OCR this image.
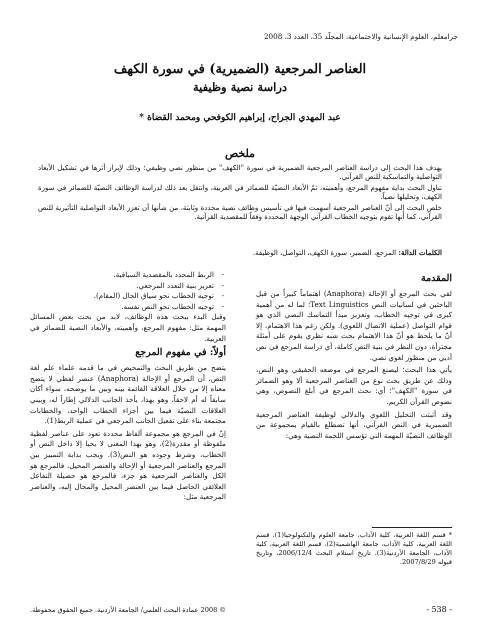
جرامعلم، العلوم الإنسانية والاجتماعية، المجلّد 35، العدد 3، 2008
العناصر المرجعية (الضميرية) في سورة الكهف
دراسة نصية وظيفية
عبد المهدي الجراح، إبراهيم الكوفحي ومحمد القضاة *
ملخص

يهدف هذا البحث إلى دراسة العناصر المرجعية الضميرية في سورة "الكهف" من منظور نصي وظيفي؛ وذلك لإبراز أثرها في تشكيل الأبعاد التواصلية والتماسكية للنص القرآني.

تناول البحث بداية مفهوم المرجع، وأهميته، ثمّ الأبعاد النصيّة للضمائر في العربية، وانتقل بعد ذلك لدراسة الوظائف النصيّة للضمائر في سورة الكهف، وتحليلها نصياً.

خلص البحث إلى أنّ العناصر المرجعية أسهمت فيها في تأسيس وظائف نصية محددة وثابتة، من شأنها أن تعزز الأبعاد التواصلية التأثيرية للنص القرآني، كما أنها تقوم بتوجيه الخطاب القرآني الوجهة المحددة وفقاً للمقصدية القرآنية.

الكلمات الدالة: المرجع، الضمير، سورة الكهف، التواصل، الوظيفة.
المقدمة

لقي بحث المرجع أو الإحالة (Anaphora) اهتماماً كبيراً من قبل الباحثين في لسانيات النص Text Linguistics؛ لما له من أهمية كبرى في توجيه الخطاب، وتعزيز مبدأ التماسك النصي الذي هو قوام التواصل (عملية الاتصال اللغوي). ولكن رغم هذا الاهتمام، إلا أنّ ما يلحظ هو أنّ هذا الاهتمام بحث شبه نظري يقوم على أمثلة مجتزأة، دون النظر في بنية النص كاملة، أي دراسة المرجع في نص أدبي من منظور لغوي نصي.

يأتي هذا البحث؛ ليصنع المرجع في موضعه الحقيقي وهو النص، وذلك عن طريق بحث نوع من العناصر المرجعية ألا وهو الضمائر في سورة "الكهف"؛ أي: بحث المرجع في أبلغ النصوص، وهي نصوص القرآن الكريم.

وقد أثبتت التحليل اللغوي والدلالي لوظيفة العناصر المرجعية الضميرية في النص القرآني، أنها تضطلع بالقيام بمجموعة من الوظائف النصيّة المهمة التي تؤسس اللحمة النصية وهي:

* قسم اللغة العربية، كلية الآداب، جامعة العلوم والتكنولوجيا(1)، قسم اللغة العربية، كلية الآداب، جامعة الهاشمية(2)، قسم اللغة العربية، كلية الآداب، الجامعة الأردنية(3). تاريخ استلام البحث 2006/12/4، وتاريخ قبوله 2007/8/29.
- الربط المحدد بالمقصدية السياقية.
- تعزيز بنية التعدد المرجعي.
- توجيه الخطاب نحو سياق الحال (المقام).
- توجيه الخطاب نحو النص نفسه.

وقبل البدء ببحث هذه الوظائف، لابد من بحث بعض المسائل المهمة مثل: مفهوم المرجع، وأهميته، والأبعاد النصية للضمائر في العربية.

أولاً: في مفهوم المرجع

يتضح من طريق البحث والتمحيص في ما قدمه علماء علم لغة النص، أن المرجع أو الإحالة (Anaphora) عنصر لفظي لا يتضح معناه إلا من خلال العلاقة القائمة بينه وبين ما يوضحه، سواء أكان سابقاً له أم لاحقاً، وهو بهذا، يأخذ الجانب الدلالي إطاراً له، وبيني العلاقات النصيّة فيما بين أجزاء الخطاب الواحد، والخطابات مجتمعة بناء على تفعيل الجانب المرجعي في عملية الربط(1).

إنّ في المرجع هو مجموعة ألفاظ محددة تعود على عناصر لفظية ملفوظة أو مقدرة(2)، وهو بهذا المعنى لا يحيا إلا داخل النص أو الخطاب، وشرط وجوده هو النص(3). ويجب بداية التمييز بين المرجع والعناصر المرجعية أو الإحالة والعنصر المحيل، فالمرجع هو الكل والعناصر المرجعية هو جزء، فالمرجع هو حصيلة التفاعل العلائقي الحاصل فيما بين العنصر المحيل والمحال إليه، والعناصر المرجعية مثل:

- 538 -
© 2008 عمادة البحث العلمي/ الجامعة الأردنية. جميع الحقوق محفوظة.
